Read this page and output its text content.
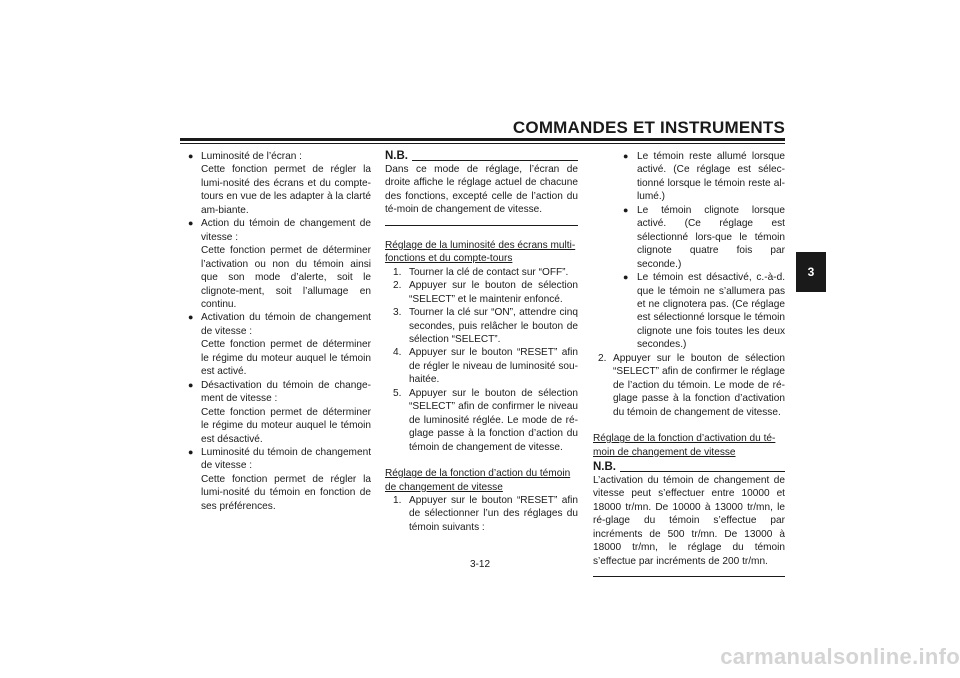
COMMANDES ET INSTRUMENTS
3
● Luminosité de l’écran :

Cette fonction permet de régler la lumi-nosité des écrans et du compte-tours en vue de les adapter à la clarté am-biante.

● Action du témoin de changement de vitesse :

Cette fonction permet de déterminer l’activation ou non du témoin ainsi que son mode d’alerte, soit le clignote-ment, soit l’allumage en continu.

● Activation du témoin de changement de vitesse :

Cette fonction permet de déterminer le régime du moteur auquel le témoin est activé.

● Désactivation du témoin de change-ment de vitesse :

Cette fonction permet de déterminer le régime du moteur auquel le témoin est désactivé.

● Luminosité du témoin de changement de vitesse :

Cette fonction permet de régler la lumi-nosité du témoin en fonction de ses préférences.

N.B.

Dans ce mode de réglage, l’écran de droite affiche le réglage actuel de chacune des fonctions, excepté celle de l’action du té-moin de changement de vitesse.

Réglage de la luminosité des écrans multi-fonctions et du compte-tours

1. Tourner la clé de contact sur “OFF”.

2. Appuyer sur le bouton de sélection “SELECT” et le maintenir enfoncé.

3. Tourner la clé sur “ON”, attendre cinq secondes, puis relâcher le bouton de sélection “SELECT”.

4. Appuyer sur le bouton “RESET” afin de régler le niveau de luminosité sou-haitée.

5. Appuyer sur le bouton de sélection “SELECT” afin de confirmer le niveau de luminosité réglée. Le mode de ré-glage passe à la fonction d’action du témoin de changement de vitesse.

Réglage de la fonction d’action du témoin de changement de vitesse

1. Appuyer sur le bouton “RESET” afin de sélectionner l’un des réglages du témoin suivants :

● Le témoin reste allumé lorsque activé. (Ce réglage est sélec-tionné lorsque le témoin reste al-lumé.)

● Le témoin clignote lorsque activé. (Ce réglage est sélectionné lors-que le témoin clignote quatre fois par seconde.)

● Le témoin est désactivé, c.-à-d. que le témoin ne s’allumera pas et ne clignotera pas. (Ce réglage est sélectionné lorsque le témoin clignote une fois toutes les deux secondes.)

2. Appuyer sur le bouton de sélection “SELECT” afin de confirmer le réglage de l’action du témoin. Le mode de ré-glage passe à la fonction d’activation du témoin de changement de vitesse.

Réglage de la fonction d’activation du té-moin de changement de vitesse

N.B.

L’activation du témoin de changement de vitesse peut s’effectuer entre 10000 et 18000 tr/mn. De 10000 à 13000 tr/mn, le ré-glage du témoin s’effectue par incréments de 500 tr/mn. De 13000 à 18000 tr/mn, le réglage du témoin s’effectue par incréments de 200 tr/mn.

3-12
carmanualsonline.info
